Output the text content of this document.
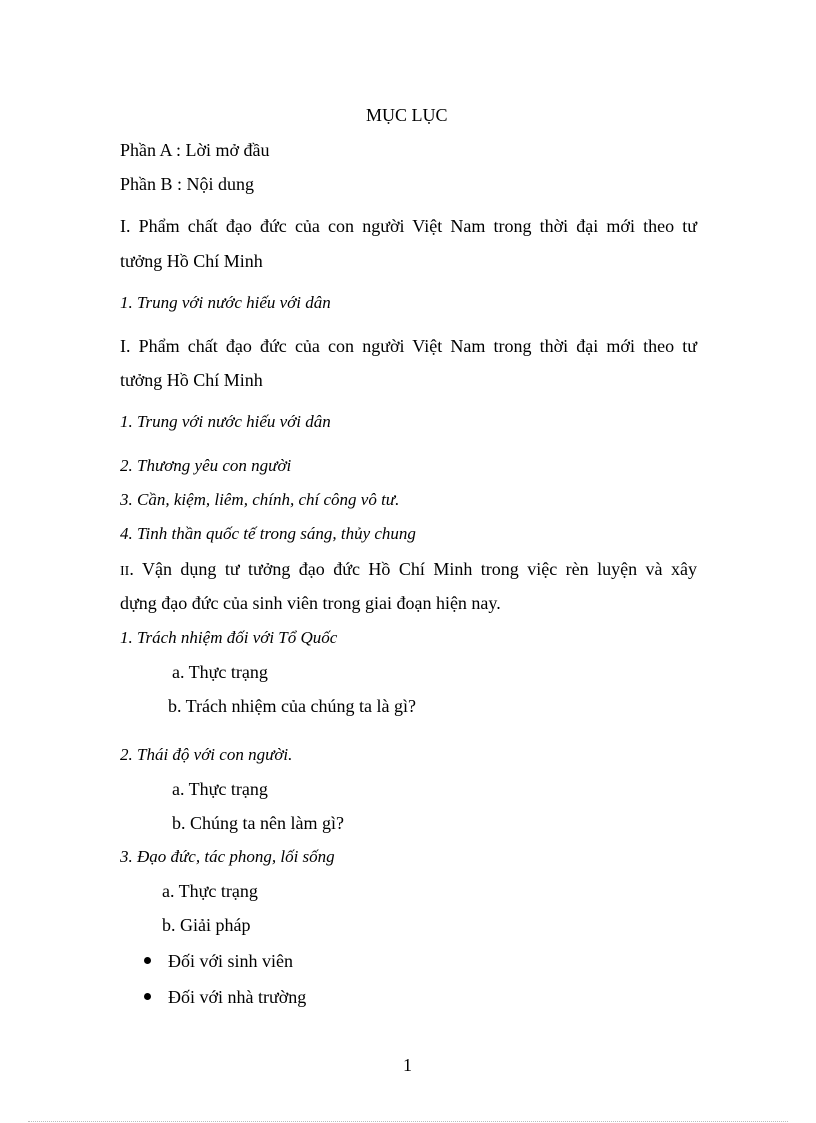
MỤC LỤC
Phần A : Lời mở đầu
Phần B : Nội dung
I. Phẩm chất đạo đức của con người Việt Nam trong thời đại mới theo tư
tưởng Hồ Chí Minh
1. Trung với nước hiếu với dân
I. Phẩm chất đạo đức của con người Việt Nam trong thời đại mới theo tư
tưởng Hồ Chí Minh
1. Trung với nước hiếu với dân
2. Thương yêu con người
3. Cần, kiệm, liêm, chính, chí công vô tư.
4. Tinh thần quốc tế trong sáng, thủy chung
II. Vận dụng tư tưởng đạo đức Hồ Chí Minh trong việc rèn luyện và xây
dựng đạo đức của sinh viên trong giai đoạn hiện nay.
1. Trách nhiệm đối với Tổ Quốc
a. Thực trạng
b. Trách nhiệm của chúng ta là gì?
2. Thái độ với con người.
a. Thực trạng
b. Chúng ta nên làm gì?
3. Đạo đức, tác phong, lối sống
a. Thực trạng
b. Giải pháp
Đối với sinh viên
Đối với nhà trường
1
